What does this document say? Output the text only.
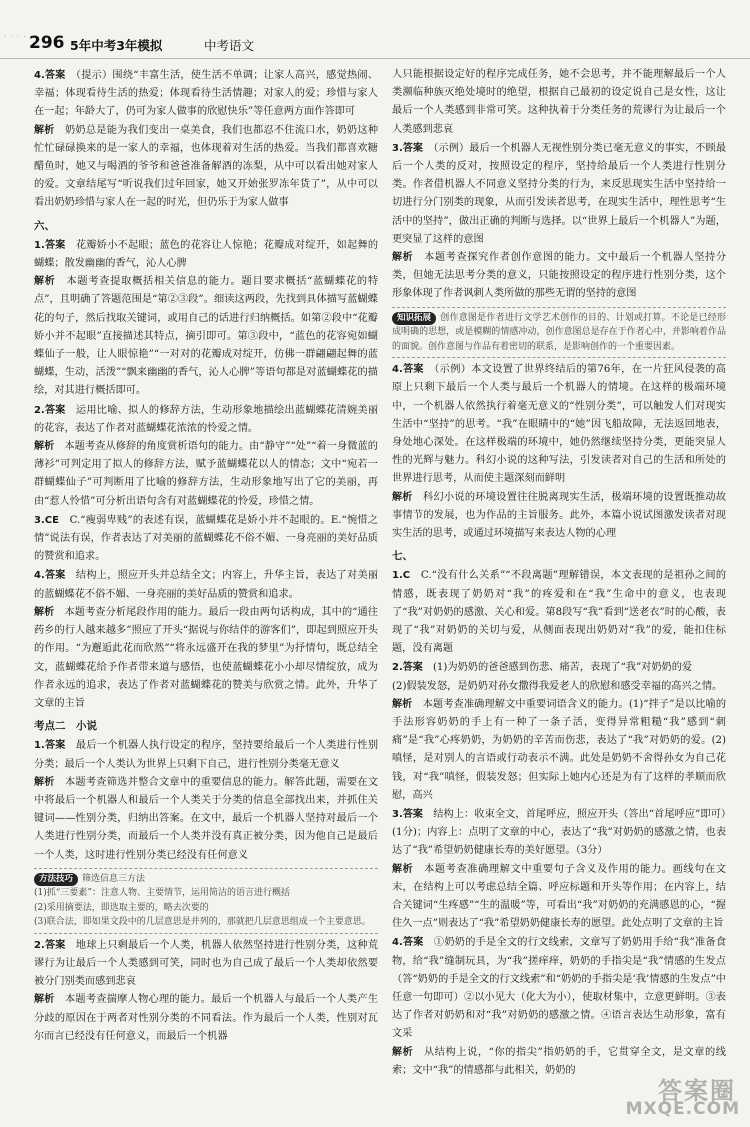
· · · · 296 5年中考3年模拟	中考语文

4.答案　 （提示）围绕“丰富生活，使生活不单调；让家人高兴，感觉热闹、幸福；体现看待生活的热爱；体现看待生活情趣；对家人的爱；珍惜与家人在一起；年龄大了，仍可为家人做事的欣慰快乐”等任意两方面作答即可

解析　 奶奶总是能为我们变出一桌美食，我们也都忍不住流口水，奶奶这种忙忙碌碌换来的是一家人的幸福，也体现着对生活的热爱。当我们都喜欢糖醋鱼时，她又与喝酒的爷爷和爸爸准备解酒的冻梨，从中可以看出她对家人的爱。文章结尾写“听说我们过年回家，她又开始张罗冻年货了”，从中可以看出奶奶珍惜与家人在一起的时光，但仍乐于为家人做事

六、

1.答案　 花瓣娇小不起眼；蓝色的花容让人惊艳；花瓣成对绽开，如起舞的蝴蝶；散发幽幽的香气，沁人心脾

解析　 本题考查提取概括相关信息的能力。题目要求概括“蓝蝴蝶花的特点”，且明确了答题范围是“第②③段”。细读这两段，先找到具体描写蓝蝴蝶花的句子，然后找取关键词，或用自己的话进行归纳概括。如第②段中“花瓣娇小并不起眼”直接描述其特点，摘引即可。第③段中，“蓝色的花容宛如蝴蝶仙子一般，让人眼惊艳”“一对对的花瓣成对绽开，仿佛一群翩翩起舞的蓝蝴蝶，生动，活泼”“飘来幽幽的香气，沁人心脾”等语句都是对蓝蝴蝶花的描绘，对其进行概括即可。

2.答案　 运用比喻、拟人的修辞方法，生动形象地描绘出蓝蝴蝶花清婉美丽的花容，表达了作者对蓝蝴蝶花浓浓的怜爱之情。

解析　 本题考查从修辞的角度赏析语句的能力。由“静守”“处”“着一身微蓝的薄衫”可判定用了拟人的修辞方法，赋予蓝蝴蝶花以人的情态；文中“宛若一群蝴蝶仙子”可判断用了比喻的修辞方法，生动形象地写出了它的美丽，再由“惹人怜惜”可分析出语句含有对蓝蝴蝶花的怜爱，珍惜之情。

3.CE　 C.“瘦弱卑贱”的表述有误，蓝蝴蝶花是娇小并不起眼的。E.“惋惜之情”说法有误，作者表达了对美丽的蓝蝴蝶花不俗不媚、一身亮丽的美好品质的赞赏和追求。

4.答案　 结构上，照应开头并总结全文；内容上，升华主旨，表达了对美丽的蓝蝴蝶花不俗不媚、一身亮丽的美好品质的赞赏和追求。

解析　 本题考查分析尾段作用的能力。最后一段由两句话构成，其中的“通往药乡的行人越来越多”照应了开头“据说与你结伴的游客们”，即起到照应开头的作用。“为邂逅此花而欣然”“将永远盛开在我的梦里”为抒情句，既总结全文，蓝蝴蝶花给予作者带来道与感悟，也使蓝蝴蝶花小小却尽情绽放，成为作者永远的追求，表达了作者对蓝蝴蝶花的赞美与欣赏之情。此外，升华了文章的主旨

考点二　小说

1.答案　 最后一个机器人执行设定的程序，坚持要给最后一个人类进行性别分类；最后一个人类认为世界上只剩下自己，进行性别分类毫无意义

解析　 本题考查筛选并整合文章中的重要信息的能力。解答此题，需要在文中将最后一个机器人和最后一个人类关于分类的信息全部找出来，并抓住关键词——性别分类，归纳出答案。在文中，最后一个机器人坚持对最后一个人类进行性别分类，而最后一个人类并没有真正被分类，因为他自己是最后一个人类，这时进行性别分类已经没有任何意义

方法技巧 筛选信息三方法
(1)抓“三要素”：注意人物、主要情节，运用简洁的语言进行概括
(2)采用摘要法，即选取主要的，略去次要的
(3)联合法，即如果文段中的几层意思是并列的，那就把几层意思组成一个主要意思。

2.答案　 地球上只剩最后一个人类，机器人依然坚持进行性别分类，这种荒谬行为让最后一个人类感到可笑，同时也为自己成了最后一个人类却依然要被分门别类而感到悲哀

解析　 本题考查揣摩人物心理的能力。最后一个机器人与最后一个人类产生分歧的原因在于两者对性别分类的不同看法。作为最后一个人类，性别对瓦尔而言已经没有任何意义，而最后一个机器

人只能根据设定好的程序完成任务，她不会思考，并不能理解最后一个人类濒临种族灭绝处境时的绝望，根据自己最初的设定说自己是女性，这让最后一个人类感到非常可笑。这种执着于分类任务的荒谬行为让最后一个人类感到悲哀

3.答案　 （示例）最后一个机器人无视性别分类已毫无意义的事实，不顾最后一个人类的反对，按照设定的程序，坚持给最后一个人类进行性别分类。作者借机器人不同意义坚持分类的行为，来反思现实生活中坚持给一切进行分门别类的现象，从而引发读者思考，在现实生活中，理性思考“生活中的坚持”，做出正确的判断与选择。以“世界上最后一个机器人”为题，更突显了这样的意图

解析　 本题考查探究作者创作意图的能力。文中最后一个机器人坚持分类，但她无法思考分类的意义，只能按照设定的程序进行性别分类，这个形象体现了作者讽刺人类所做的那些无谓的坚持的意图

知识拓展 创作意图是作者进行文学艺术创作的目的、计划或打算。不论是已经形成明确的思想，或是模糊的情感冲动，创作意图总是存在于作者心中，并影响着作品的面貌。创作意图与作品有着密切的联系，是影响创作的一个重要因素。

4.答案　 （示例）本文设置了世界终结后的第76年，在一片狂风侵袭的高原上只剩下最后一个人类与最后一个机器人的情境。在这样的极端环境中，一个机器人依然执行着毫无意义的“性别分类”，可以触发人们对现实生活中“坚持”的思考。“我”在眼睛中的“她”因飞船故障，无法返回地表，身处地心深处。在这样极端的环境中，她仍然继续坚持分类，更能突显人性的光辉与魅力。科幻小说的这种写法，引发读者对自己的生活和所处的世界进行思考，从而使主题深刻而鲜明

解析　 科幻小说的环境设置往往脱离现实生活，极端环境的设置既推动故事情节的发展，也为作品的主旨服务。此外，本篇小说试图激发读者对现实生活的思考，或通过环境描写来表达人物的心理

七、

1.C　 C.“没有什么关系”“不段离题”理解错误，本文表现的是祖孙之间的情感，既表现了奶奶对“我”的疼爱和在“我”生命中的意义，也表现了“我”对奶奶的感激、关心和爱。第8段写“我”看到“送老衣”时的心酸，表现了“我”对奶奶的关切与爱，从侧面表现出奶奶对“我”的爱，能扣住标题，没有离题

2.答案　 (1)为奶奶的爸爸感到伤悲、痛苦，表现了“我”对奶奶的爱

(2)假装发怒，是奶奶对孙女撒得我爱老人的欣慰和感受幸福的高兴之情。

解析　 本题考查准确理解文中重要词语含义的能力。(1)“拌子”是以比喻的手法形容奶奶的手上有一种了一条子活，变得异常粗糙“我”感到“刺痛”是“我”心疼奶奶，为奶奶的辛苦而伤悲，表达了“我”对奶奶的爱。(2)嗔怪，是对别人的言语或行动表示不满。此处是奶奶不舍得孙女为自己花钱，对“我”嗔怪，假装发怒；但实际上她内心还是为有了这样的孝顺而欣慰，高兴

3.答案　 结构上：收束全文，首尾呼应，照应开头（答出“首尾呼应”即可）(1分)；内容上：点明了文章的中心，表达了“我”对奶奶的感激之情，也表达了“我”希望奶奶健康长寿的美好愿望。（3分）

解析　 本题考查准确理解文中重要句子含义及作用的能力。画线句在文末，在结构上可以考虑总结全篇、呼应标题和开头等作用；在内容上，结合关键词“生疼感”“生的温暖”等，可看出“我”对奶奶的充满感恩的心，“握住久一点”则表达了“我”希望奶奶健康长寿的愿望。此处点明了文章的主旨

4.答案　 ①奶奶的手是全文的行文线索，文章写了奶奶用手给“我”准备食物，给“我”缝制玩具，为“我”搓痒痒，奶奶的手指尖是“我”情感的生发点（答“奶奶的手是全文的行文线索”和“奶奶的手指尖是‘我’情感的生发点”中任意一句即可）②以小见大（化大为小），使取材集中，立意更鲜明。③表达了作者对奶奶和对“我”对奶奶的感激之情。④语言表达生动形象，富有文采

解析　 从结构上说，“你的指尖”指奶奶的手，它贯穿全文，是文章的线索；文中“我”的情感都与此相关，奶奶的

答案圈
MXQE.COM
